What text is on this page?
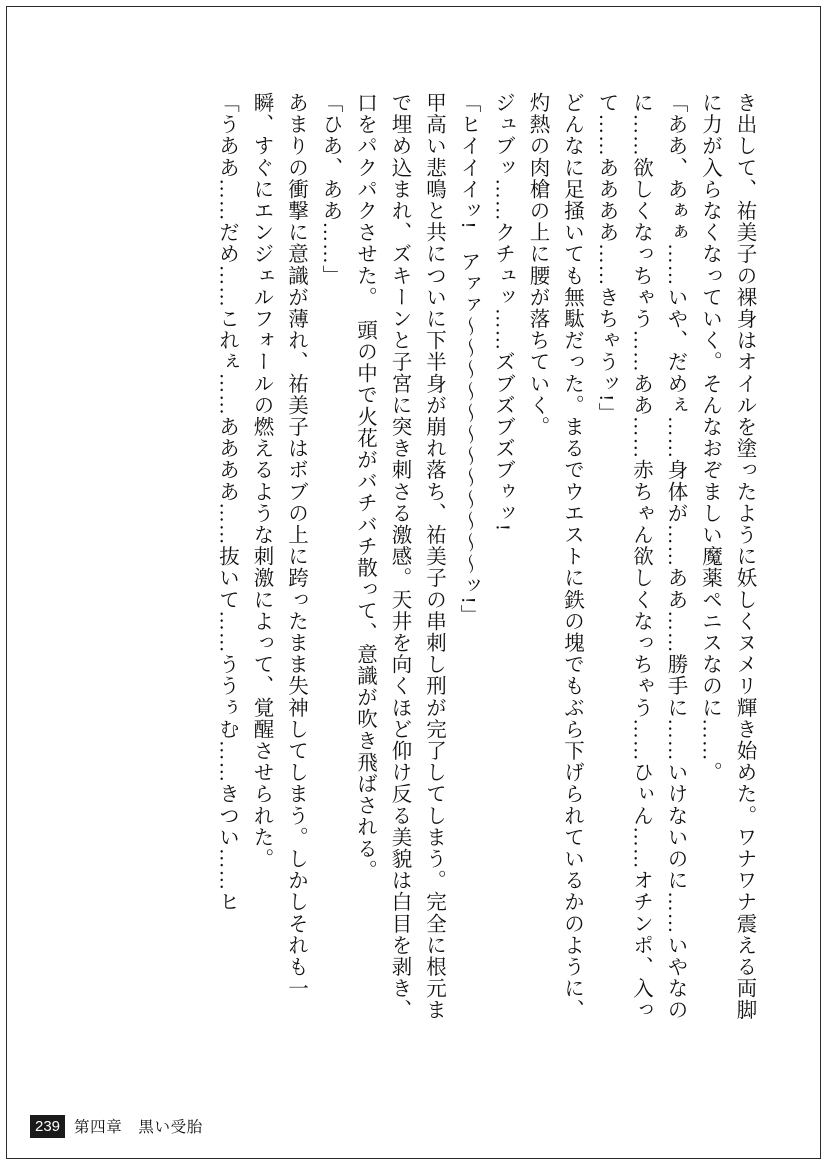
き出して、祐美子の裸身はオイルを塗ったように妖しくヌメリ輝き始めた。ワナワナ震える両脚に力が入らなくなっていく。そんなおぞましい魔薬ペニスなのに……。

「ああ、あぁぁ……いや、だめぇ……身体が……ああ……勝手に……いけないのに……いやなのに……欲しくなっちゃう……ああ……赤ちゃん欲しくなっちゃう……ひぃん……オチンポ、入って……ああああ……きちゃうッ!」

どんなに足掻いても無駄だった。まるでウエストに鉄の塊でもぶら下げられているかのように、灼熱の肉槍の上に腰が落ちていく。

ジュブッ……クチュッ……ズブズブズブゥッ!

「ヒイイイッ!　アァァ〜〜〜〜〜〜〜〜〜〜〜〜ッ!」

甲高い悲鳴と共についに下半身が崩れ落ち、祐美子の串刺し刑が完了してしまう。完全に根元まで埋め込まれ、ズキーンと子宮に突き刺さる激感。天井を向くほど仰け反る美貌は白目を剥き、口をパクパクさせた。　頭の中で火花がバチバチ散って、意識が吹き飛ばされる。

「ひあ、ああ……」

あまりの衝撃に意識が薄れ、祐美子はボブの上に跨ったまま失神してしまう。しかしそれも一瞬、すぐにエンジェルフォールの燃えるような刺激によって、覚醒させられた。

「うああ……だめ……これぇ……ああああ……抜いて……ううぅむ……きつい……ヒ

239 第四章　黒い受胎
